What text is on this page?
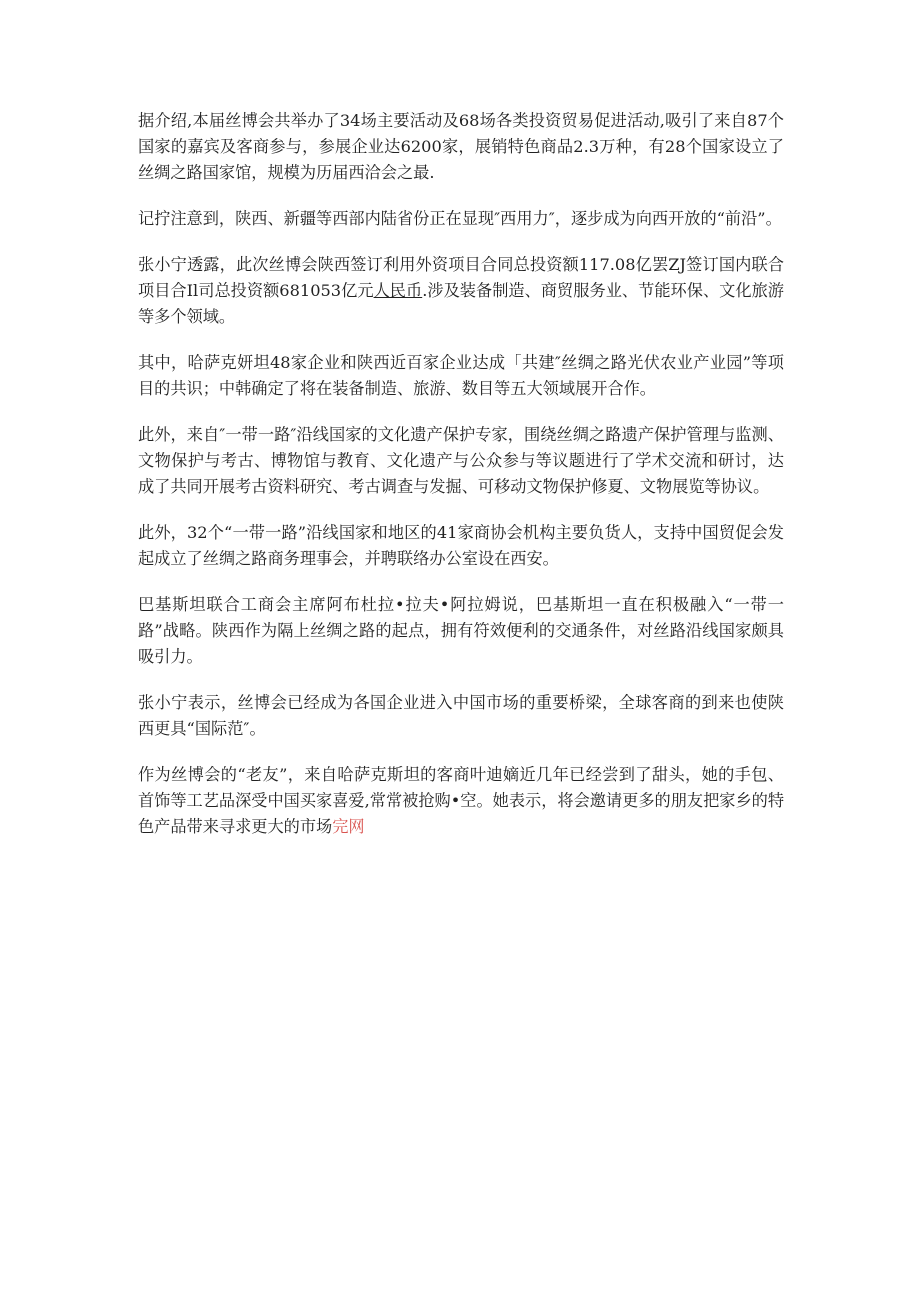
据介绍,本届丝博会共举办了34场主要活动及68场各类投资贸易促进活动,吸引了来自87个国家的嘉宾及客商参与，参展企业达6200家，展销特色商品2.3万种，有28个国家设立了丝绸之路国家馆，规模为历届西洽会之最.

记拧注意到，陕西、新疆等西部内陆省份正在显现″西用力″，逐步成为向西开放的“前沿”。

张小宁透露，此次丝博会陕西签订利用外资项目合同总投资额117.08亿罢ZJ签订国内联合项目合Il司总投资额681053亿元人民币.涉及装备制造、商贸服务业、节能环保、文化旅游等多个领域。

其中，哈萨克妍坦48家企业和陕西近百家企业达成「共建″丝绸之路光伏农业产业园”等项目的共识；中韩确定了将在装备制造、旅游、数目等五大领域展开合作。

此外，来自″一带一路″沿线国家的文化遗产保护专家，围绕丝绸之路遗产保护管理与监测、文物保护与考古、博物馆与教育、文化遗产与公众参与等议题进行了学术交流和研讨，达成了共同开展考古资料研究、考古调查与发掘、可移动文物保护修夏、文物展览等协议。

此外，32个“一带一路”沿线国家和地区的41家商协会机构主要负货人，支持中国贸促会发起成立了丝绸之路商务理事会，并聘联络办公室设在西安。

巴基斯坦联合工商会主席阿布杜拉•拉夫•阿拉姆说，巴基斯坦一直在积极融入“一带一路”战略。陕西作为隔上丝绸之路的起点，拥有符效便利的交通条件，对丝路沿线国家颇具吸引力。

张小宁表示，丝博会已经成为各国企业进入中国市场的重要桥梁，全球客商的到来也使陕西更具“国际范″。

作为丝博会的“老友”，来自哈萨克斯坦的客商叶迪嫡近几年已经尝到了甜头，她的手包、首饰等工艺品深受中国买家喜爱,常常被抢购•空。她表示，将会邀请更多的朋友把家乡的特色产品带来寻求更大的市场完网
